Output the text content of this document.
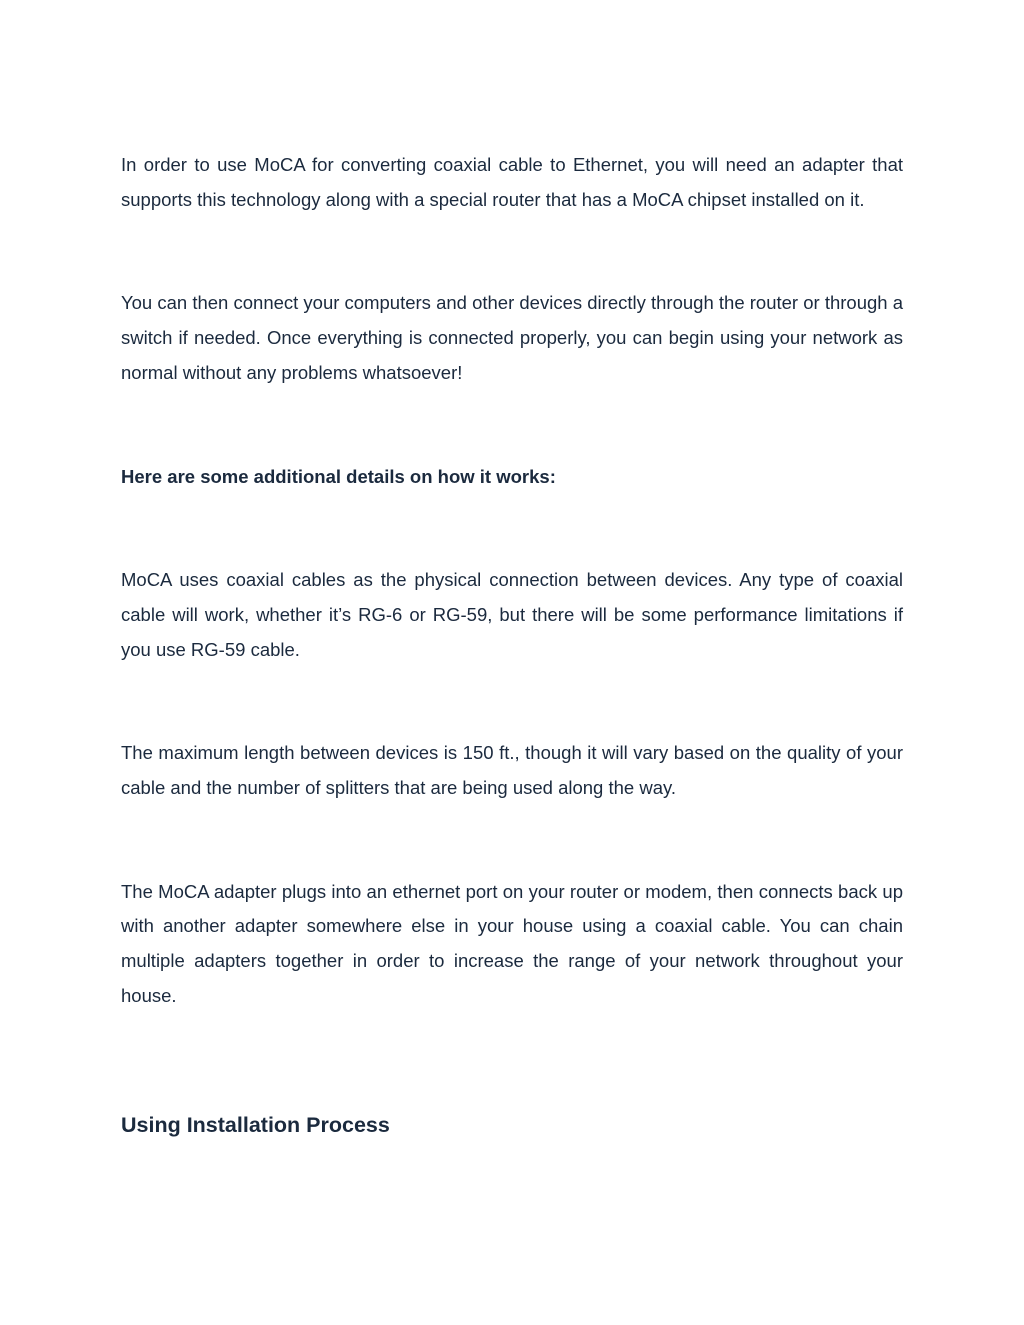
In order to use MoCA for converting coaxial cable to Ethernet, you will need an adapter that supports this technology along with a special router that has a MoCA chipset installed on it.

You can then connect your computers and other devices directly through the router or through a switch if needed. Once everything is connected properly, you can begin using your network as normal without any problems whatsoever!

Here are some additional details on how it works:

MoCA uses coaxial cables as the physical connection between devices. Any type of coaxial cable will work, whether it’s RG-6 or RG-59, but there will be some performance limitations if you use RG-59 cable.

The maximum length between devices is 150 ft., though it will vary based on the quality of your cable and the number of splitters that are being used along the way.

The MoCA adapter plugs into an ethernet port on your router or modem, then connects back up with another adapter somewhere else in your house using a coaxial cable. You can chain multiple adapters together in order to increase the range of your network throughout your house.

Using Installation Process
